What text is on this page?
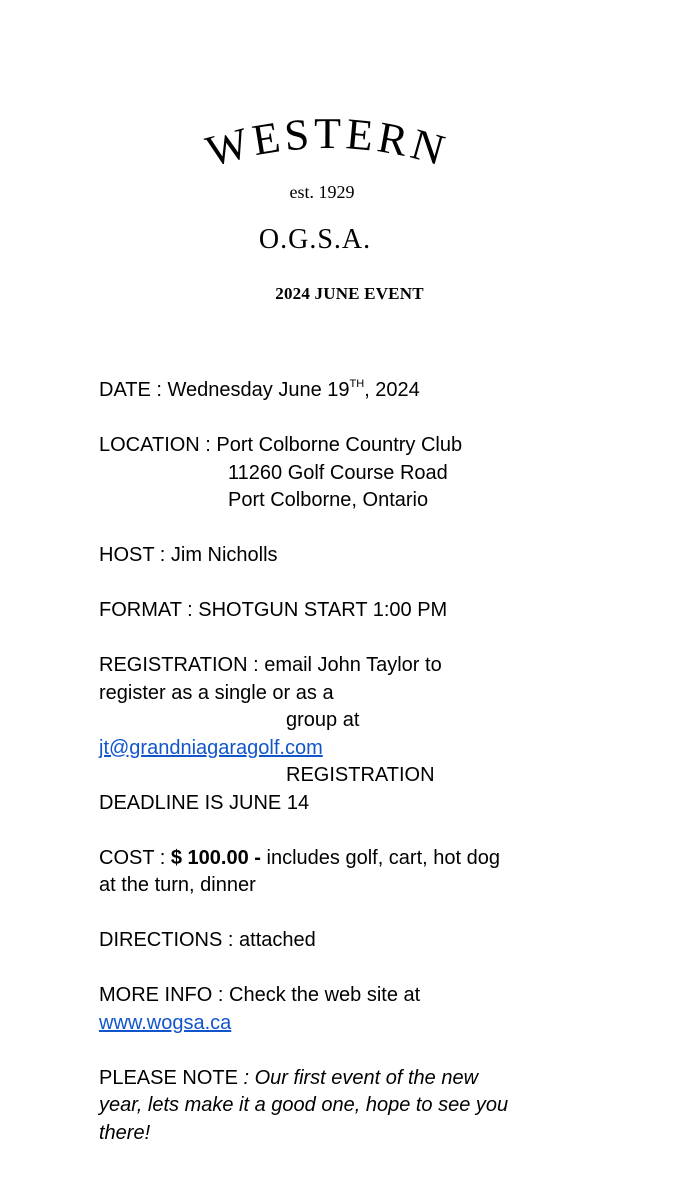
WESTERN
est. 1929
O.G.S.A.
2024 JUNE EVENT
DATE : Wednesday June 19TH, 2024
LOCATION : Port Colborne Country Club
11260 Golf Course Road
Port Colborne, Ontario
HOST : Jim Nicholls
FORMAT : SHOTGUN START 1:00 PM
REGISTRATION : email John Taylor to
register as a single or as a
group at
jt@grandniagaragolf.com
REGISTRATION
DEADLINE IS JUNE 14
COST : $ 100.00 - includes golf, cart, hot dog
at the turn, dinner
DIRECTIONS : attached
MORE INFO : Check the web site at
www.wogsa.ca
PLEASE NOTE : Our first event of the new
year, lets make it a good one, hope to see you
there!
